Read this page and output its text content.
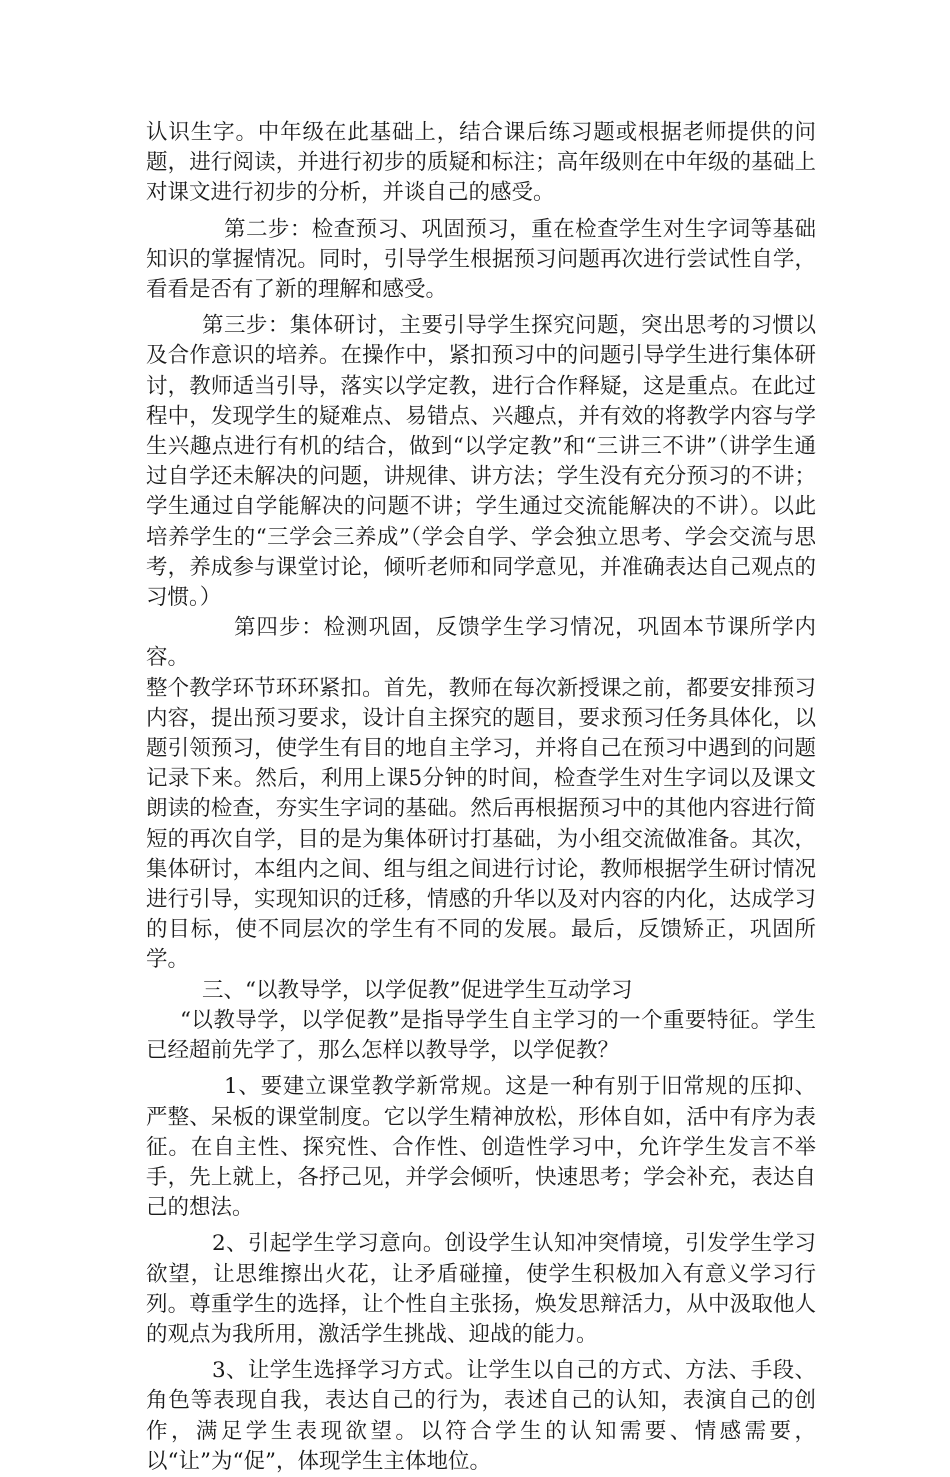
认识生字。中年级在此基础上，结合课后练习题或根据老师提供的问题，进行阅读，并进行初步的质疑和标注；高年级则在中年级的基础上对课文进行初步的分析，并谈自己的感受。

第二步：检查预习、巩固预习，重在检查学生对生字词等基础知识的掌握情况。同时，引导学生根据预习问题再次进行尝试性自学，看看是否有了新的理解和感受。

第三步：集体研讨，主要引导学生探究问题，突出思考的习惯以及合作意识的培养。在操作中，紧扣预习中的问题引导学生进行集体研讨，教师适当引导，落实以学定教，进行合作释疑，这是重点。在此过程中，发现学生的疑难点、易错点、兴趣点，并有效的将教学内容与学生兴趣点进行有机的结合，做到“以学定教”和“三讲三不讲”（讲学生通过自学还未解决的问题，讲规律、讲方法；学生没有充分预习的不讲；学生通过自学能解决的问题不讲；学生通过交流能解决的不讲）。以此培养学生的“三学会三养成”（学会自学、学会独立思考、学会交流与思考，养成参与课堂讨论，倾听老师和同学意见，并准确表达自己观点的习惯。）

第四步：检测巩固，反馈学生学习情况，巩固本节课所学内容。

整个教学环节环环紧扣。首先，教师在每次新授课之前，都要安排预习内容，提出预习要求，设计自主探究的题目，要求预习任务具体化，以题引领预习，使学生有目的地自主学习，并将自己在预习中遇到的问题记录下来。然后，利用上课5分钟的时间，检查学生对生字词以及课文朗读的检查，夯实生字词的基础。然后再根据预习中的其他内容进行简短的再次自学，目的是为集体研讨打基础，为小组交流做准备。其次，集体研讨，本组内之间、组与组之间进行讨论，教师根据学生研讨情况进行引导，实现知识的迁移，情感的升华以及对内容的内化，达成学习的目标，使不同层次的学生有不同的发展。最后，反馈矫正，巩固所学。

三、“以教导学，以学促教”促进学生互动学习

“以教导学，以学促教”是指导学生自主学习的一个重要特征。学生已经超前先学了，那么怎样以教导学，以学促教？

1、要建立课堂教学新常规。这是一种有别于旧常规的压抑、严整、呆板的课堂制度。它以学生精神放松，形体自如，活中有序为表征。在自主性、探究性、合作性、创造性学习中，允许学生发言不举手，先上就上，各抒己见，并学会倾听，快速思考；学会补充，表达自己的想法。

2、引起学生学习意向。创设学生认知冲突情境，引发学生学习欲望，让思维擦出火花，让矛盾碰撞，使学生积极加入有意义学习行列。尊重学生的选择，让个性自主张扬，焕发思辩活力，从中汲取他人的观点为我所用，激活学生挑战、迎战的能力。

3、让学生选择学习方式。让学生以自己的方式、方法、手段、角色等表现自我，表达自己的行为，表述自己的认知，表演自己的创作，满足学生表现欲望。以符合学生的认知需要、情感需要，以“让”为“促”，体现学生主体地位。
